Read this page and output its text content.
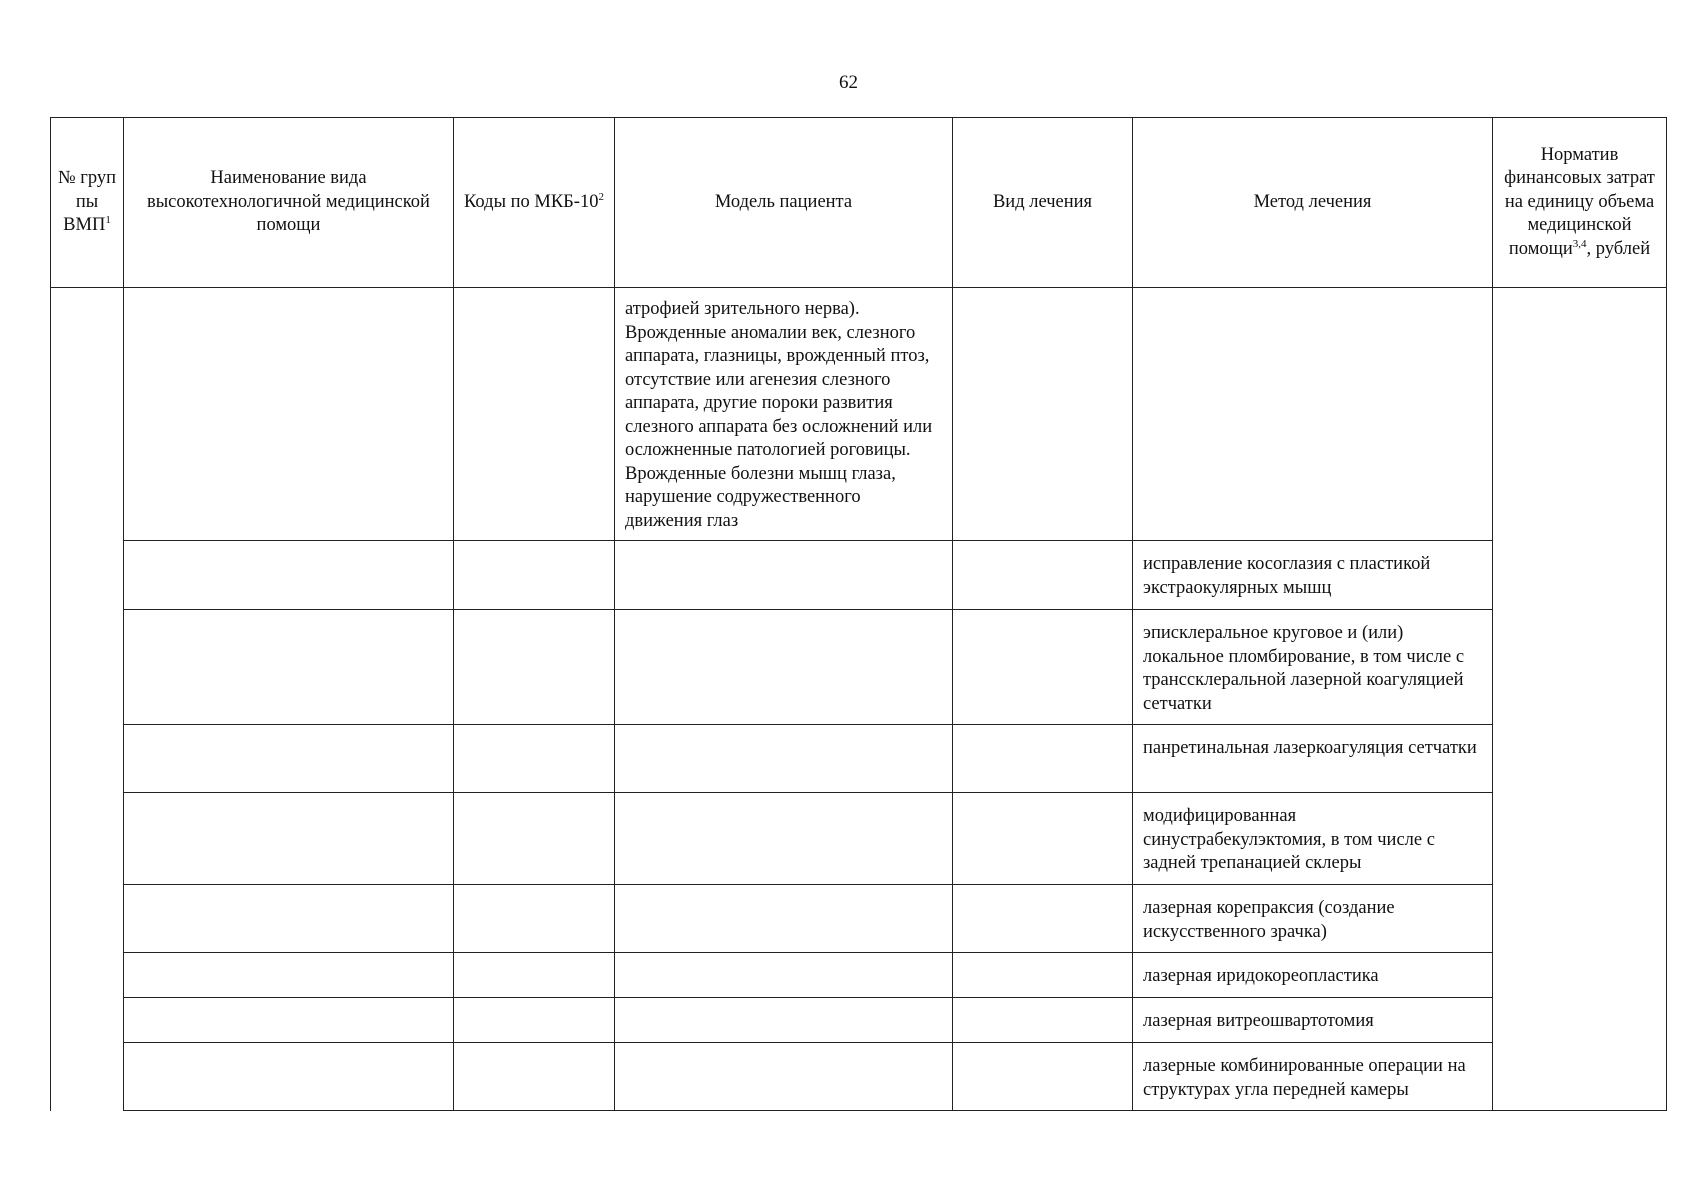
62
№ груп пы ВМП$^1$	Наименование вида высокотехнологичной медицинской помощи	Коды по МКБ-$10^2$	Модель пациента	Вид лечения	Метод лечения	Норматив финансовых затрат на единицу объема медицинской помощи$^{3,4}$, рублей
			атрофией зрительного нерва). Врожденные аномалии век, слезного аппарата, глазницы, врожденный птоз, отсутствие или агенезия слезного аппарата, другие пороки развития слезного аппарата без осложнений или осложненные патологией роговицы. Врожденные болезни мышц глаза, нарушение содружественного движения глаз			
					исправление косоглазия с пластикой экстраокулярных мышц	
					эписклеральное круговое и (или) локальное пломбирование, в том числе с транссклеральной лазерной коагуляцией сетчатки	
					панретинальная лазеркоагуляция сетчатки	
					модифицированная синустрабекулэктомия, в том числе с задней трепанацией склеры	
					лазерная корепраксия (создание искусственного зрачка)	
					лазерная иридокореопластика	
					лазерная витреошвартотомия	
					лазерные комбинированные операции на структурах угла передней камеры	
